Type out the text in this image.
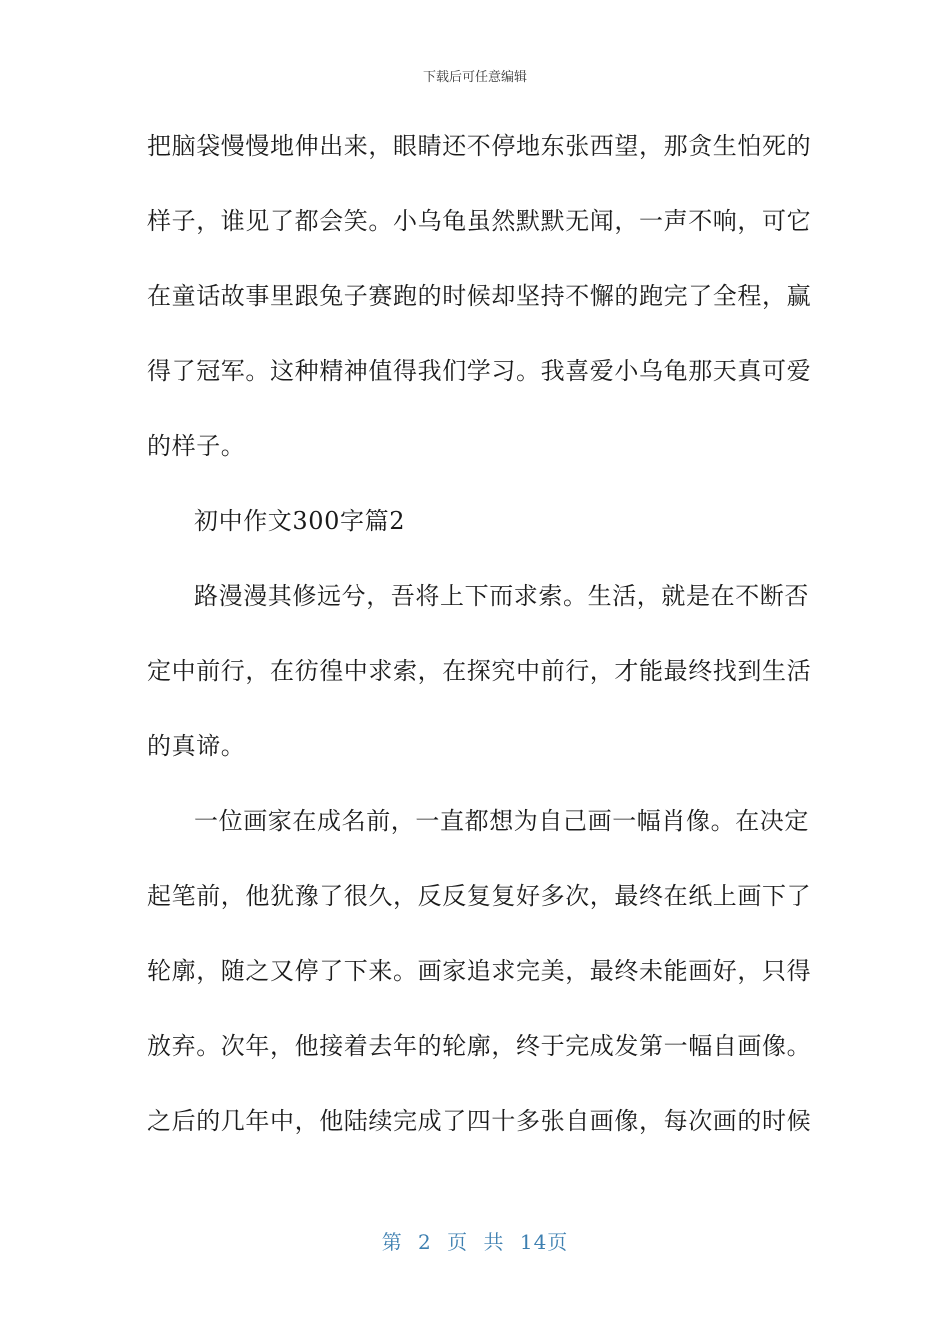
下载后可任意编辑
把脑袋慢慢地伸出来，眼睛还不停地东张西望，那贪生怕死的
样子，谁见了都会笑。小乌龟虽然默默无闻，一声不响，可它
在童话故事里跟兔子赛跑的时候却坚持不懈的跑完了全程，赢
得了冠军。这种精神值得我们学习。我喜爱小乌龟那天真可爱
的样子。
初中作文300字篇2
路漫漫其修远兮，吾将上下而求索。生活，就是在不断否
定中前行，在彷徨中求索，在探究中前行，才能最终找到生活
的真谛。
一位画家在成名前，一直都想为自己画一幅肖像。在决定
起笔前，他犹豫了很久，反反复复好多次，最终在纸上画下了
轮廓，随之又停了下来。画家追求完美，最终未能画好，只得
放弃。次年，他接着去年的轮廓，终于完成发第一幅自画像。
之后的几年中，他陆续完成了四十多张自画像，每次画的时候
第 2 页 共 14页
